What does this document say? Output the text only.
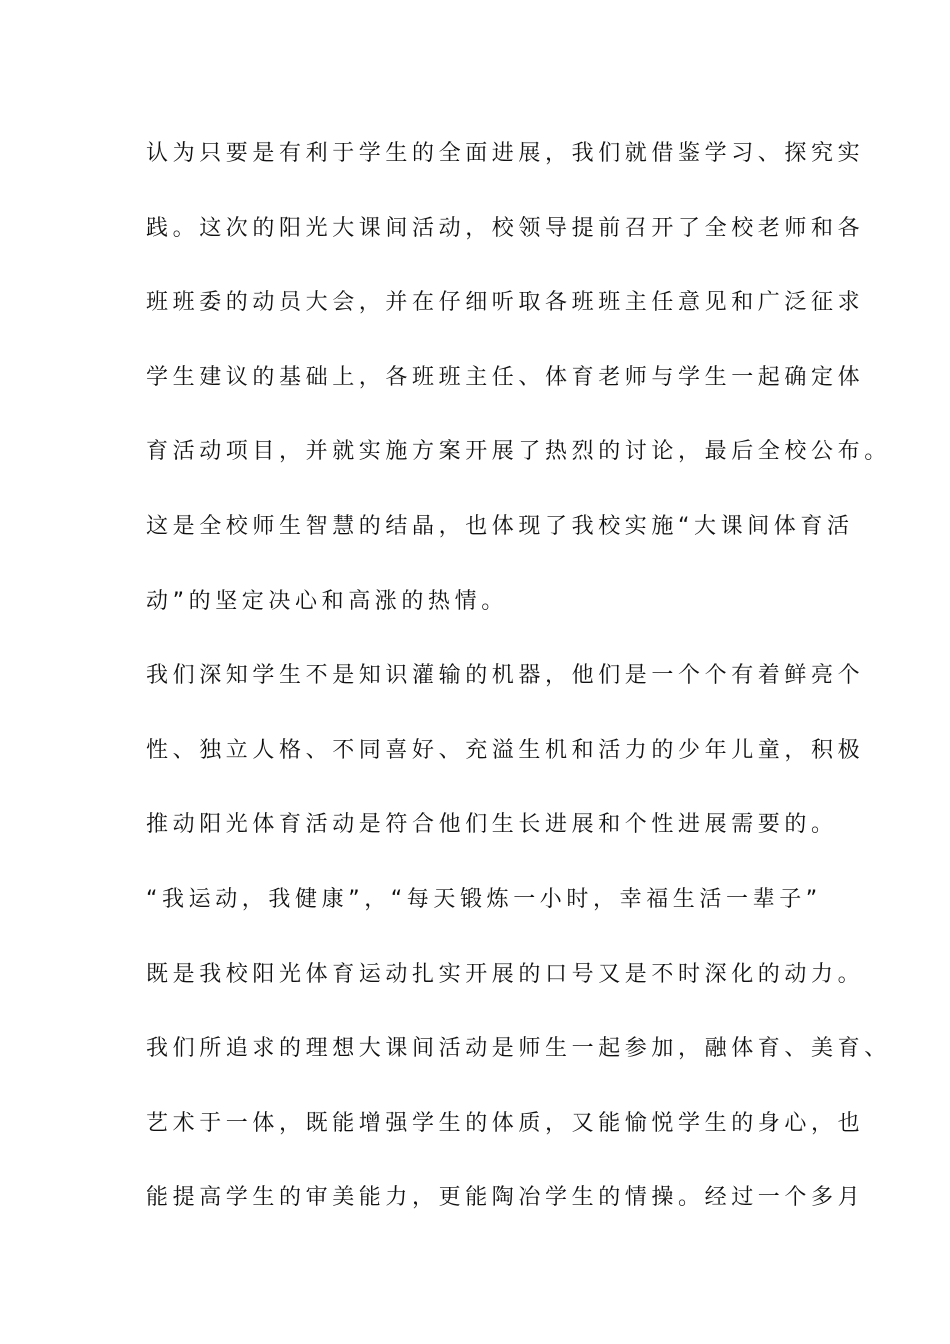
认为只要是有利于学生的全面进展，我们就借鉴学习、探究实
践。这次的阳光大课间活动，校领导提前召开了全校老师和各
班班委的动员大会，并在仔细听取各班班主任意见和广泛征求
学生建议的基础上，各班班主任、体育老师与学生一起确定体
育活动项目，并就实施方案开展了热烈的讨论，最后全校公布。
这是全校师生智慧的结晶，也体现了我校实施“大课间体育活
动”的坚定决心和高涨的热情。
我们深知学生不是知识灌输的机器，他们是一个个有着鲜亮个
性、独立人格、不同喜好、充溢生机和活力的少年儿童，积极
推动阳光体育活动是符合他们生长进展和个性进展需要的。
“我运动，我健康”，“每天锻炼一小时，幸福生活一辈子”
既是我校阳光体育运动扎实开展的口号又是不时深化的动力。
我们所追求的理想大课间活动是师生一起参加，融体育、美育、
艺术于一体，既能增强学生的体质，又能愉悦学生的身心，也
能提高学生的审美能力，更能陶冶学生的情操。经过一个多月
